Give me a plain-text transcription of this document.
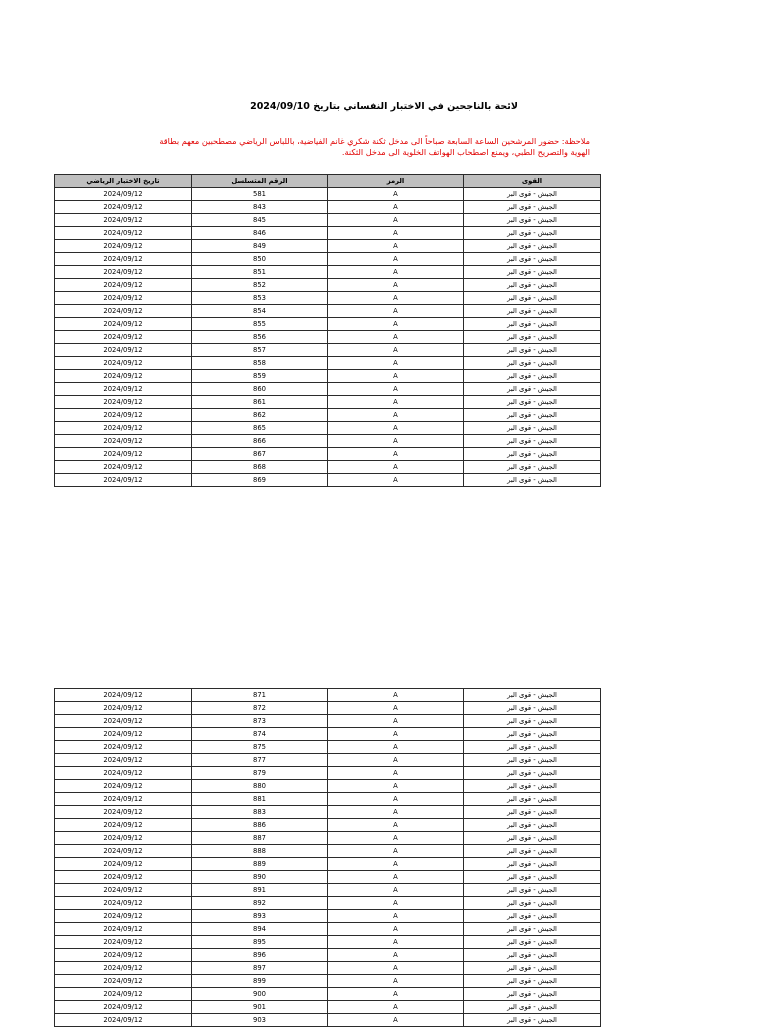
لائحة بالناجحين في الاختبار النفساني بتاريخ 2024/09/10
ملاحظة: حضور المرشحين الساعة السابعة صباحاً الى مدخل ثكنة شكري غانم الفياضية، باللباس الرياضي مصطحبين معهم بطاقة الهوية والتصريح الطبي، ويمنع اصطحاب الهواتف الخلوية الى مدخل الثكنة.
القوى	الرمز	الرقم المتسلسل	تاريخ الاختبار الرياضي
الجيش - قوى البر	A	581	2024/09/12
الجيش - قوى البر	A	843	2024/09/12
الجيش - قوى البر	A	845	2024/09/12
الجيش - قوى البر	A	846	2024/09/12
الجيش - قوى البر	A	849	2024/09/12
الجيش - قوى البر	A	850	2024/09/12
الجيش - قوى البر	A	851	2024/09/12
الجيش - قوى البر	A	852	2024/09/12
الجيش - قوى البر	A	853	2024/09/12
الجيش - قوى البر	A	854	2024/09/12
الجيش - قوى البر	A	855	2024/09/12
الجيش - قوى البر	A	856	2024/09/12
الجيش - قوى البر	A	857	2024/09/12
الجيش - قوى البر	A	858	2024/09/12
الجيش - قوى البر	A	859	2024/09/12
الجيش - قوى البر	A	860	2024/09/12
الجيش - قوى البر	A	861	2024/09/12
الجيش - قوى البر	A	862	2024/09/12
الجيش - قوى البر	A	865	2024/09/12
الجيش - قوى البر	A	866	2024/09/12
الجيش - قوى البر	A	867	2024/09/12
الجيش - قوى البر	A	868	2024/09/12
الجيش - قوى البر	A	869	2024/09/12
الجيش - قوى البر	A	871	2024/09/12
الجيش - قوى البر	A	872	2024/09/12
الجيش - قوى البر	A	873	2024/09/12
الجيش - قوى البر	A	874	2024/09/12
الجيش - قوى البر	A	875	2024/09/12
الجيش - قوى البر	A	877	2024/09/12
الجيش - قوى البر	A	879	2024/09/12
الجيش - قوى البر	A	880	2024/09/12
الجيش - قوى البر	A	881	2024/09/12
الجيش - قوى البر	A	883	2024/09/12
الجيش - قوى البر	A	886	2024/09/12
الجيش - قوى البر	A	887	2024/09/12
الجيش - قوى البر	A	888	2024/09/12
الجيش - قوى البر	A	889	2024/09/12
الجيش - قوى البر	A	890	2024/09/12
الجيش - قوى البر	A	891	2024/09/12
الجيش - قوى البر	A	892	2024/09/12
الجيش - قوى البر	A	893	2024/09/12
الجيش - قوى البر	A	894	2024/09/12
الجيش - قوى البر	A	895	2024/09/12
الجيش - قوى البر	A	896	2024/09/12
الجيش - قوى البر	A	897	2024/09/12
الجيش - قوى البر	A	899	2024/09/12
الجيش - قوى البر	A	900	2024/09/12
الجيش - قوى البر	A	901	2024/09/12
الجيش - قوى البر	A	903	2024/09/12
